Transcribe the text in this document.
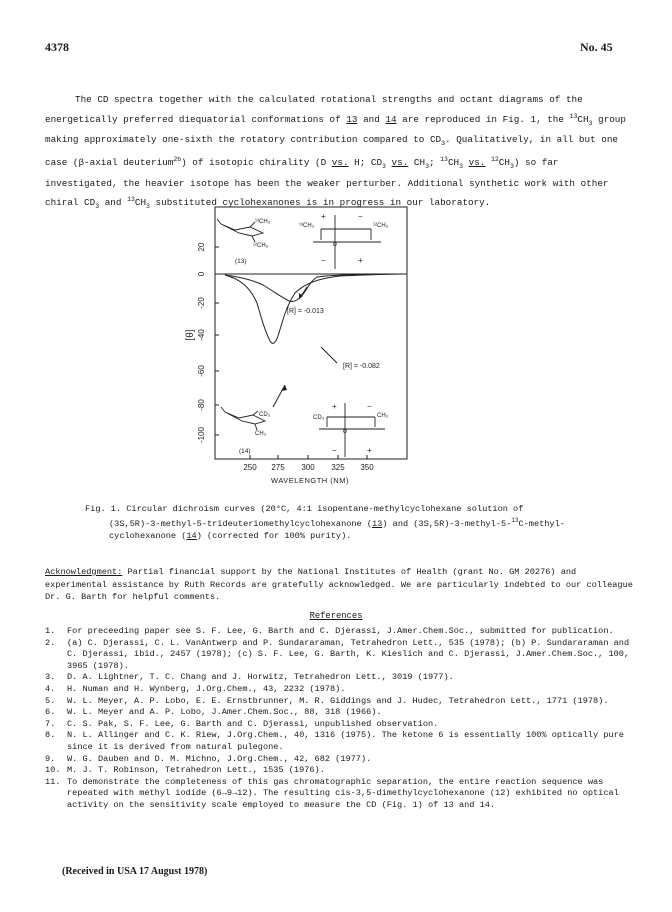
4378	No. 45

The CD spectra together with the calculated rotational strengths and octant diagrams of the energetically preferred diequatorial conformations of 13 and 14 are reproduced in Fig. 1, the $^{13}CH_3$ group making approximately one-sixth the rotatory contribution compared to $CD_3$. Qualitatively, in all but one case (β-axial deuterium$^{2b}$) of isotopic chirality (D vs. H; $CD_3$ vs. $CH_3$; $^{13}CH_3$ vs. $^{12}CH_3$) so far investigated, the heavier isotope has been the weaker perturber. Additional synthetic work with other chiral $CD_3$ and $^{13}CH_3$ substituted cyclohexanones is in progress in our laboratory.

20
0
-20
-40
-60
-80
-100
[θ]
250 275 300 325 350
WAVELENGTH (NM)
[R] = -0.013
[R] = -0.082
¹³CH₃
¹²CH₃
(13)
¹³CH₃	¹²CH₃
+	−
o
−	+
CD₃
CH₃
(14)
CD₃	CH₃
+	−
o
−	+
Fig. 1. Circular dichroism curves (20°C, 4:1 isopentane-methylcyclohexane solution of
(3S,5R)-3-methyl-5-trideuteriomethylcyclohexanone (13) and (3S,5R)-3-methyl-5-$^{13}$C-methyl-
cyclohexanone (14) (corrected for 100% purity).
Acknowledgment: Partial financial support by the National Institutes of Health (grant No. GM 20276) and experimental assistance by Ruth Records are gratefully acknowledged. We are particularly indebted to our colleague Dr. G. Barth for helpful comments.
References
1.	For preceeding paper see S. F. Lee, G. Barth and C. Djerassi, J.Amer.Chem.Soc., submitted for publication.
2.	(a) C. Djerassi, C. L. VanAntwerp and P. Sundararaman, Tetrahedron Lett., 535 (1978); (b) P. Sundararaman and C. Djerassi, ibid., 2457 (1978); (c) S. F. Lee, G. Barth, K. Kieslich and C. Djerassi, J.Amer.Chem.Soc., 100, 3965 (1978).
3.	D. A. Lightner, T. C. Chang and J. Horwitz, Tetrahedron Lett., 3019 (1977).
4.	H. Numan and H. Wynberg, J.Org.Chem., 43, 2232 (1978).
5.	W. L. Meyer, A. P. Lobo, E. E. Ernstbrunner, M. R. Giddings and J. Hudec, Tetrahedron Lett., 1771 (1978).
6.	W. L. Meyer and A. P. Lobo, J.Amer.Chem.Soc., 88, 318 (1966).
7.	C. S. Pak, S. F. Lee, G. Barth and C. Djerassi, unpublished observation.
8.	N. L. Allinger and C. K. Riew, J.Org.Chem., 40, 1316 (1975). The ketone 6 is essentially 100% optically pure since it is derived from natural pulegone.
9.	W. G. Dauben and D. M. Michno, J.Org.Chem., 42, 682 (1977).
10. M. J. T. Robinson, Tetrahedron Lett., 1535 (1976).
11. To demonstrate the completeness of this gas chromatographic separation, the entire reaction sequence was repeated with methyl iodide (6→9→12). The resulting cis-3,5-dimethylcyclohexanone (12) exhibited no optical activity on the sensitivity scale employed to measure the CD (Fig. 1) of 13 and 14.
(Received in USA 17 August 1978)
